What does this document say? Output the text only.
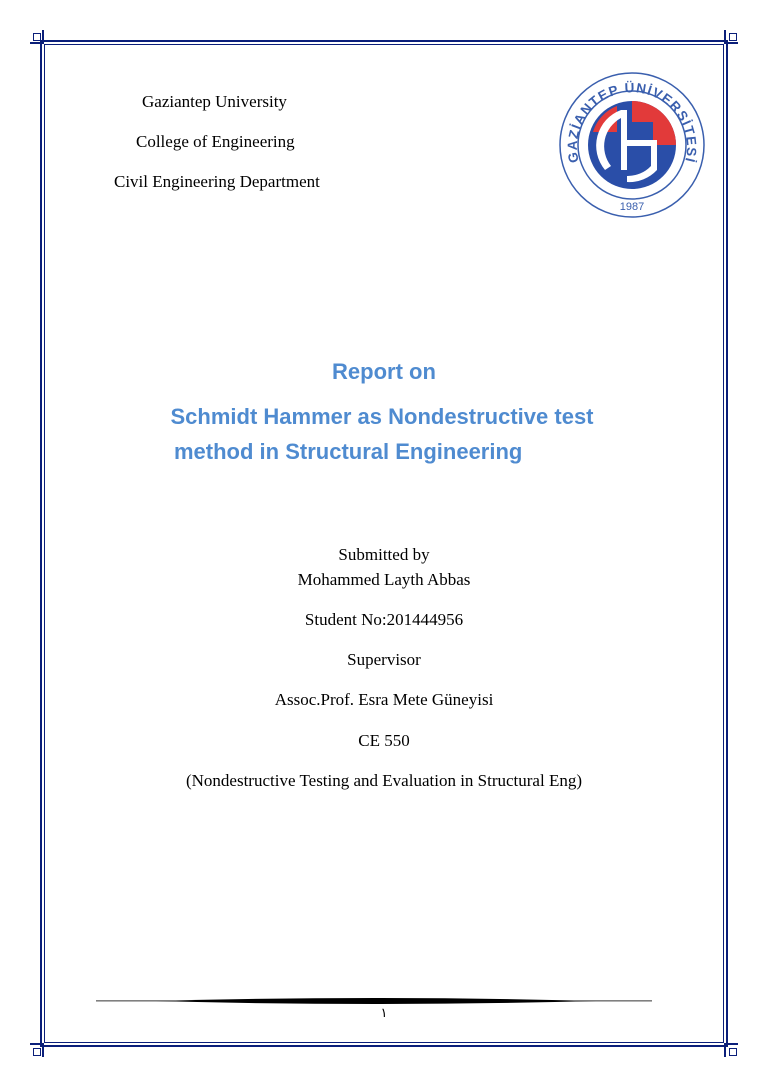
Gaziantep University
College of Engineering
Civil Engineering Department
GAZİANTEP ÜNİVERSİTESİ
1987
Report on
Schmidt Hammer as Nondestructive test
method in Structural Engineering
Submitted by
Mohammed Layth Abbas
Student No:201444956
Supervisor
Assoc.Prof. Esra Mete Güneyisi
CE 550
(Nondestructive Testing and Evaluation in Structural Eng)
١
